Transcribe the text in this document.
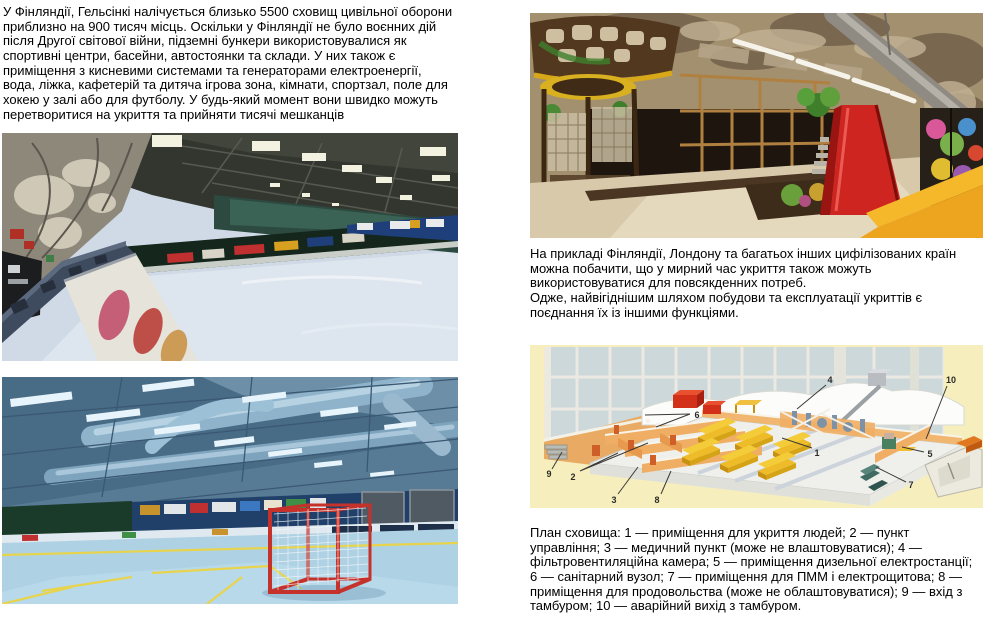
У Фінляндії, Гельсінкі налічується близько 5500 сховищ цивільної оборони приблизно на 900 тисяч місць. Оскільки у Фінляндії не було воєнних дій після Другої світової війни, підземні бункери використовувалися як спортивні центри, басейни, автостоянки та склади. У них також є приміщення з кисневими системами та генераторами електроенергії, вода, ліжка, кафетерій та дитяча ігрова зона, кімнати, спортзал, поле для хокею у залі або для футболу. У будь-який момент вони швидко можуть перетворитися на укриття та прийняти тисячі мешканців
На прикладі Фінляндії, Лондону та багатьох інших цифілізованих країн можна побачити, що у мирний час укриття також можуть використовуватися для повсякденних потреб.
Одже, найвігіднішим шляхом побудови та експлуатації укриттів є поєднання їх із іншими функціями.
1
2
3
4
5
6
7
8
9
10
План сховища: 1 — приміщення для укриття людей; 2 — пункт управління; 3 — медичний пункт (може не влаштовуватися); 4 — фільтровентиляційна камера; 5 — приміщення дизельної електростанції; 6 — санітарний вузол; 7 — приміщення для ПММ і електрощитова; 8 — приміщення для продовольства (може не облаштовуватися); 9 — вхід з тамбуром; 10 — аварійний вихід з тамбуром.
